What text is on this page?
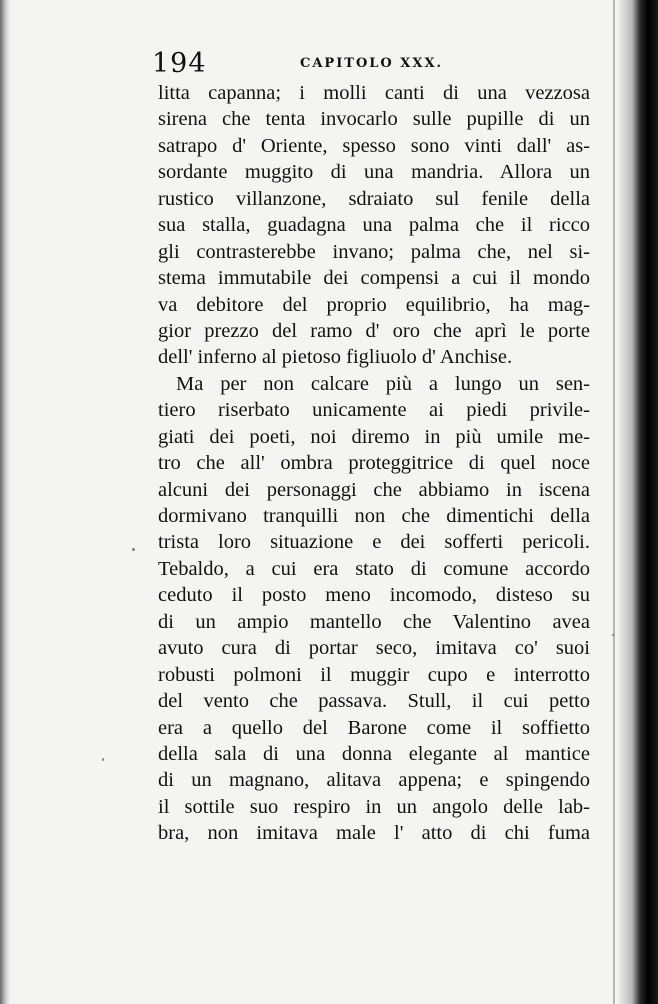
194	CAPITOLO XXX.
litta capanna; i molli canti di una vezzosa
sirena che tenta invocarlo sulle pupille di un
satrapo d' Oriente, spesso sono vinti dall' as-
sordante muggito di una mandria. Allora un
rustico villanzone, sdraiato sul fenile della
sua stalla, guadagna una palma che il ricco
gli contrasterebbe invano; palma che, nel si-
stema immutabile dei compensi a cui il mondo
va debitore del proprio equilibrio, ha mag-
gior prezzo del ramo d' oro che aprì le porte
dell' inferno al pietoso figliuolo d' Anchise.
Ma per non calcare più a lungo un sen-
tiero riserbato unicamente ai piedi privile-
giati dei poeti, noi diremo in più umile me-
tro che all' ombra proteggitrice di quel noce
alcuni dei personaggi che abbiamo in iscena
dormivano tranquilli non che dimentichi della
trista loro situazione e dei sofferti pericoli.
Tebaldo, a cui era stato di comune accordo
ceduto il posto meno incomodo, disteso su
di un ampio mantello che Valentino avea
avuto cura di portar seco, imitava co' suoi
robusti polmoni il muggir cupo e interrotto
del vento che passava. Stull, il cui petto
era a quello del Barone come il soffietto
della sala di una donna elegante al mantice
di un magnano, alitava appena; e spingendo
il sottile suo respiro in un angolo delle lab-
bra, non imitava male l' atto di chi fuma
